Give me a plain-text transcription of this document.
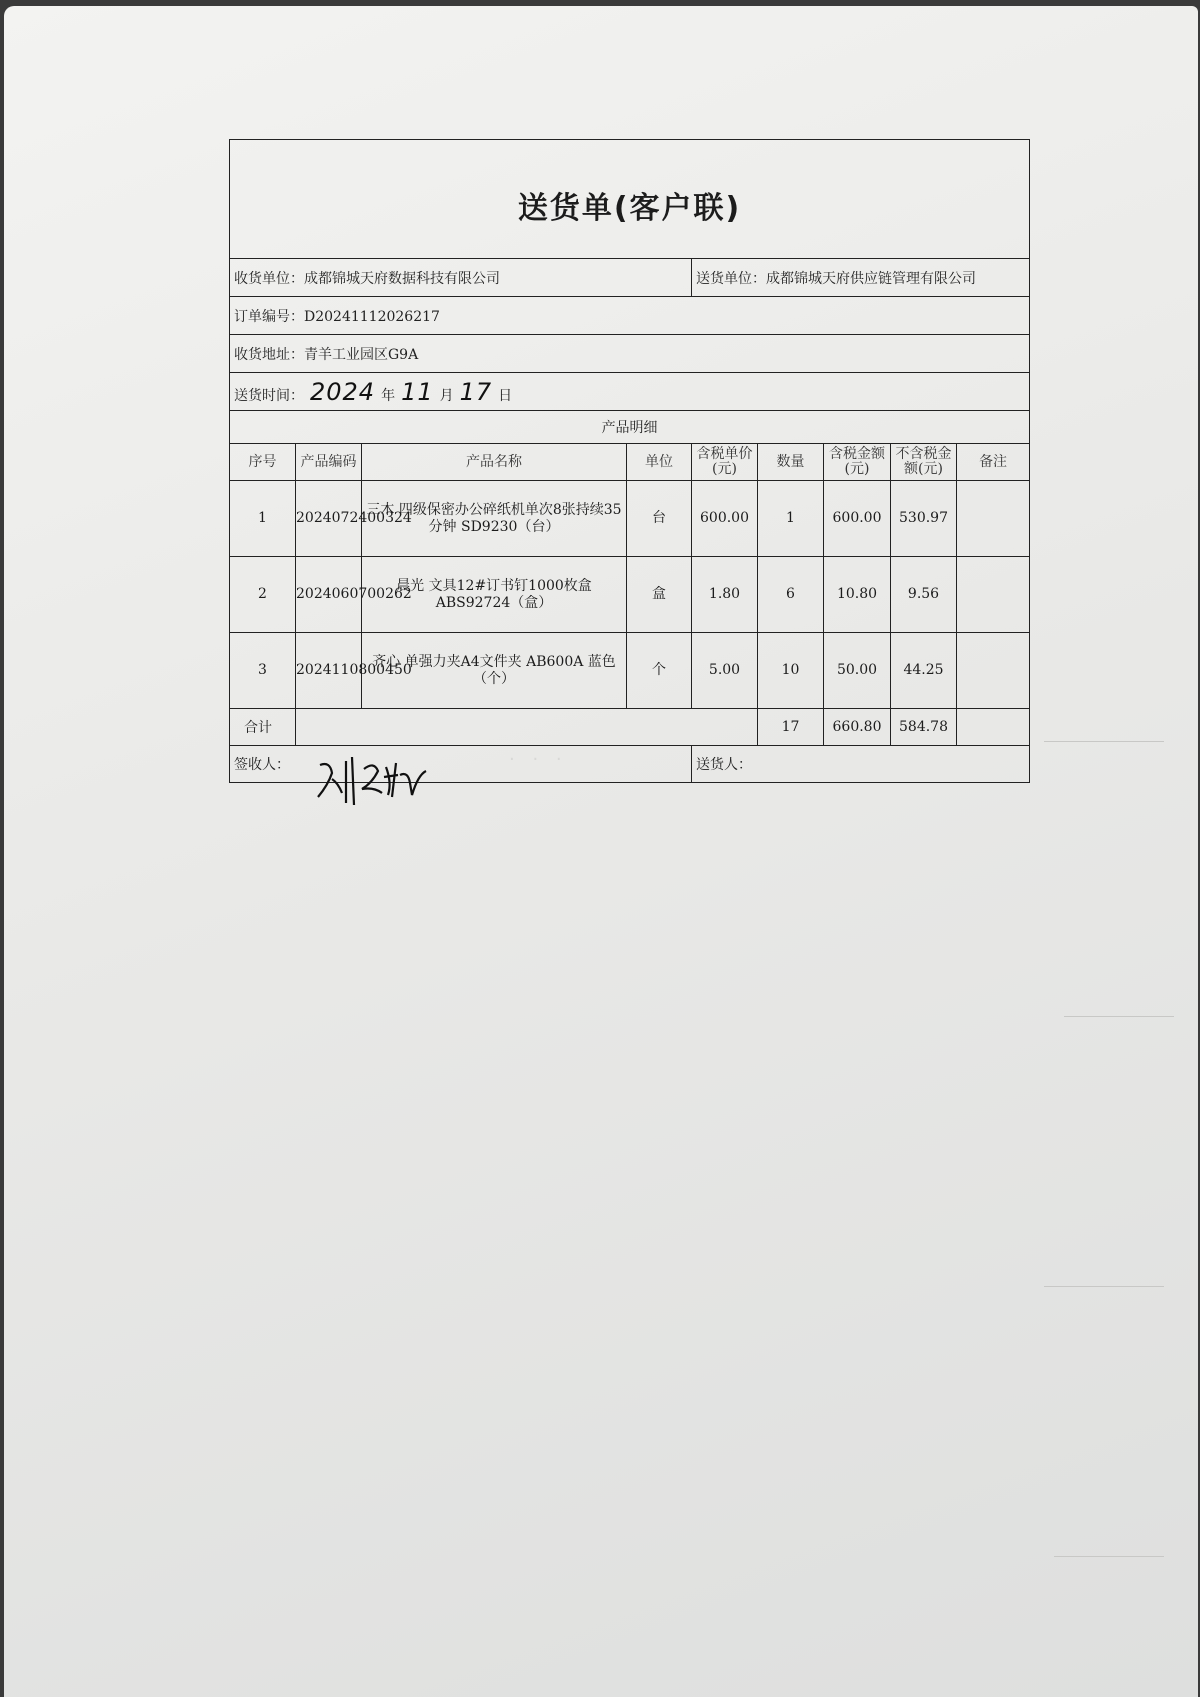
· · ·
送货单(客户联)								
收货单位：成都锦城天府数据科技有限公司				送货单位：成都锦城天府供应链管理有限公司				
订单编号：D20241112026217								
收货地址：青羊工业园区G9A								
送货时间： 2024 年 11 月 17 日								
产品明细								
序号	产品编码	产品名称	单位	含税单价(元)	数量	含税金额(元)	不含税金额(元)	备注
1	2024072400324	三木 四级保密办公碎纸机单次8张持续35分钟 SD9230（台）	台	600.00	1	600.00	530.97	
2	2024060700262	晨光 文具12#订书钉1000枚盒 ABS92724（盒）	盒	1.80	6	10.80	9.56	
3	2024110800450	齐心 单强力夹A4文件夹 AB600A 蓝色（个）	个	5.00	10	50.00	44.25	
合计					17	660.80	584.78	
签收人：				送货人：				
